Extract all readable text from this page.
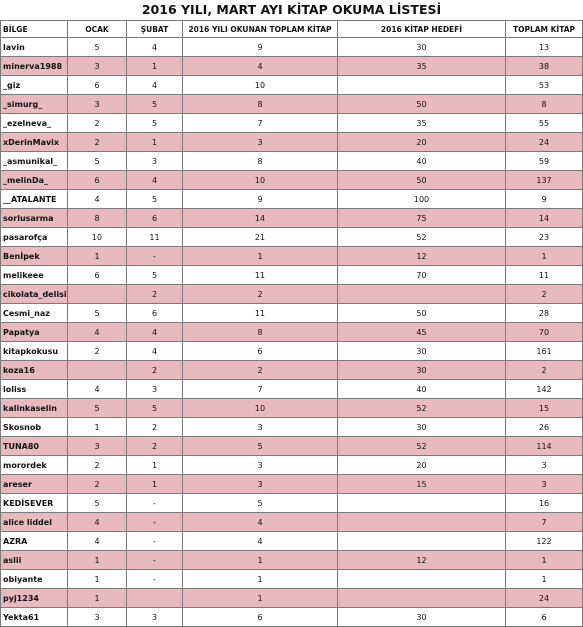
2016 YILI, MART AYI KİTAP OKUMA LİSTESİ
BİLGE	OCAK	ŞUBAT	2016 YILI OKUNAN TOPLAM KİTAP	2016 KİTAP HEDEFİ	TOPLAM KİTAP
lavin	5	4	9	30	13
minerva1988	3	1	4	35	38
_giz	6	4	10		53
_simurg_	3	5	8	50	8
_ezelneva_	2	5	7	35	55
xDerinMavix	2	1	3	20	24
_asmunikal_	5	3	8	40	59
_melinDa_	6	4	10	50	137
__ATALANTE	4	5	9	100	9
sorlusarma	8	6	14	75	14
pasarofça	10	11	21	52	23
Benİpek	1	-	1	12	1
melikeee	6	5	11	70	11
cikolata_delisi		2	2		2
Cesmi_naz	5	6	11	50	28
Papatya	4	4	8	45	70
kitapkokusu	2	4	6	30	161
koza16		2	2	30	2
loliss	4	3	7	40	142
kalinkaselin	5	5	10	52	15
Skosnob	1	2	3	30	26
TUNA80	3	2	5	52	114
morordek	2	1	3	20	3
areser	2	1	3	15	3
KEDİSEVER	5	-	5		16
alice liddel	4	-	4		7
AZRA	4	-	4		122
aslii	1	-	1	12	1
obiyante	1	-	1		1
pyj1234	1		1		24
Yekta61	3	3	6	30	6
